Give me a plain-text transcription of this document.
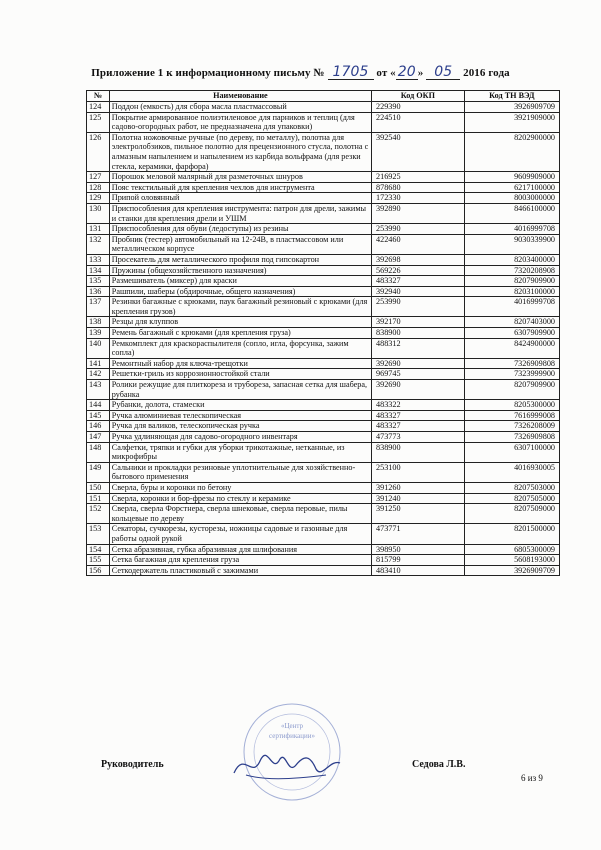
Приложение 1 к информационному письму № 1705 от « 20 » 05 2016 года
№	Наименование	Код ОКП	Код ТН ВЭД
124	Поддон (емкость) для сбора масла пластмассовый	229390	3926909709
125	Покрытие армированное полиэтиленовое для парников и теплиц (для садово-огородных работ, не предназначена для упаковки)	224510	3921909000
126	Полотна ножовочные ручные (по дереву, по металлу), полотна для электролобзиков, пильное полотно для прецензионного стусла, полотна с алмазным напылением и напылением из карбида вольфрама (для резки стекла, керамики, фарфора)	392540	8202900000
127	Порошок меловой малярный для разметочных шнуров	216925	9609909000
128	Пояс текстильный для крепления чехлов для инструмента	878680	6217100000
129	Припой оловянный	172330	8003000000
130	Приспособления для крепления инструмента: патрон для дрели, зажимы и станки для крепления дрели и УШМ	392890	8466100000
131	Приспособления для обуви (ледоступы) из резины	253990	4016999708
132	Пробник (тестер) автомобильный на 12-24В, в пластмассовом или металлическом корпусе	422460	9030339900
133	Просекатель для металлического профиля под гипсокартон	392698	8203400000
134	Пружины (общехозяйственного назначения)	569226	7320208908
135	Размешиватель (миксер) для краски	483327	8207909900
136	Рашпили, шаберы (обдирочные, общего назначения)	392940	8203100000
137	Резинки багажные с крюками, паук багажный резиновый с крюками (для крепления грузов)	253990	4016999708
138	Резцы для клуппов	392170	8207403000
139	Ремень багажный с крюками (для крепления груза)	838900	6307909900
140	Ремкомплект для краскораспылителя (сопло, игла, форсунка, зажим сопла)	488312	8424900000
141	Ремонтный набор для ключа-трещотки	392690	7326909808
142	Решетки-гриль из коррозионностойкой стали	969745	7323999900
143	Ролики режущие для плиткореза и труборезa, запасная сетка для шабера, рубанка	392690	8207909900
144	Рубанки, долота, стамески	483322	8205300000
145	Ручка алюминиевая телескопическая	483327	7616999008
146	Ручка для валиков, телескопическая ручка	483327	7326208009
147	Ручка удлиняющая для садово-огородного инвентаря	473773	7326909808
148	Салфетки, тряпки и губки для уборки трикотажные, нетканные, из микрофибры	838900	6307100000
149	Сальники и прокладки резиновые уплотнительные для хозяйственно-бытового применения	253100	4016930005
150	Сверла, буры и коронки по бетону	391260	8207503000
151	Сверла, коронки и бор-фрезы по стеклу и керамике	391240	8207505000
152	Сверла, сверла Форстнера, сверла шнековые, сверла перовые, пилы кольцевые по дереву	391250	8207509000
153	Секаторы, сучкорезы, кусторезы, ножницы садовые и газонные для работы одной рукой	473771	8201500000
154	Сетка абразивная, губка абразивная для шлифования	398950	6805300009
155	Сетка багажная для крепления груза	815799	5608193000
156	Сеткодержатель пластиковый с зажимами	483410	3926909709
«Центр
сертификации»
Руководитель	Седова Л.В.
6 из 9
